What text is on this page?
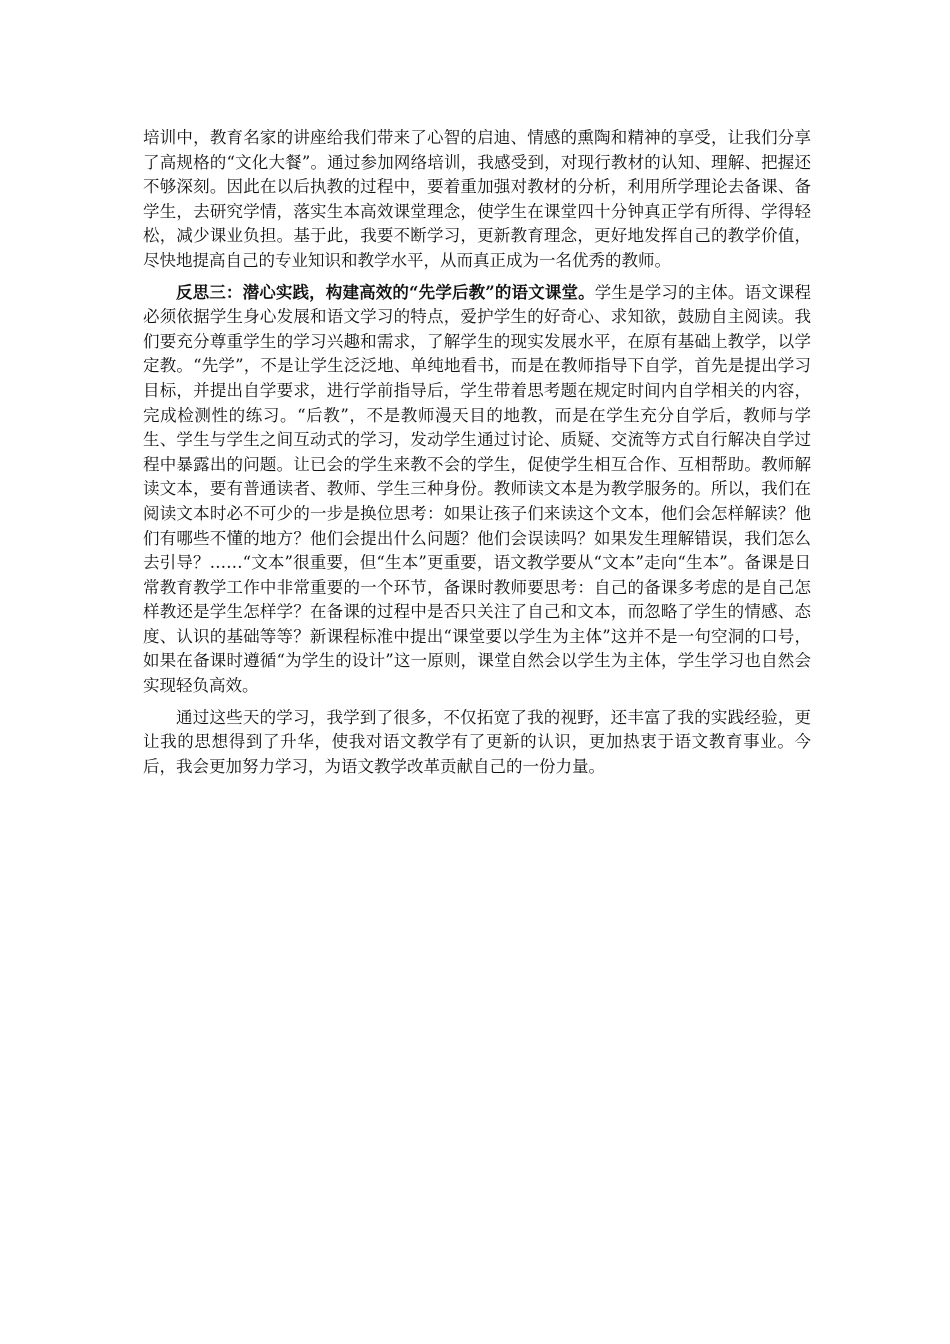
培训中，教育名家的讲座给我们带来了心智的启迪、情感的熏陶和精神的享受，让我们分享了高规格的“文化大餐”。通过参加网络培训，我感受到，对现行教材的认知、理解、把握还不够深刻。因此在以后执教的过程中，要着重加强对教材的分析，利用所学理论去备课、备学生，去研究学情，落实生本高效课堂理念，使学生在课堂四十分钟真正学有所得、学得轻松，减少课业负担。基于此，我要不断学习，更新教育理念，更好地发挥自己的教学价值，尽快地提高自己的专业知识和教学水平，从而真正成为一名优秀的教师。

反思三：潜心实践，构建高效的“先学后教”的语文课堂。学生是学习的主体。语文课程必须依据学生身心发展和语文学习的特点，爱护学生的好奇心、求知欲，鼓励自主阅读。我们要充分尊重学生的学习兴趣和需求，了解学生的现实发展水平，在原有基础上教学，以学定教。“先学”，不是让学生泛泛地、单纯地看书，而是在教师指导下自学，首先是提出学习目标，并提出自学要求，进行学前指导后，学生带着思考题在规定时间内自学相关的内容，完成检测性的练习。“后教”，不是教师漫天目的地教，而是在学生充分自学后，教师与学生、学生与学生之间互动式的学习，发动学生通过讨论、质疑、交流等方式自行解决自学过程中暴露出的问题。让已会的学生来教不会的学生，促使学生相互合作、互相帮助。教师解读文本，要有普通读者、教师、学生三种身份。教师读文本是为教学服务的。所以，我们在阅读文本时必不可少的一步是换位思考：如果让孩子们来读这个文本，他们会怎样解读？他们有哪些不懂的地方？他们会提出什么问题？他们会误读吗？如果发生理解错误，我们怎么去引导？……“文本”很重要，但“生本”更重要，语文教学要从“文本”走向“生本”。备课是日常教育教学工作中非常重要的一个环节，备课时教师要思考：自己的备课多考虑的是自己怎样教还是学生怎样学？在备课的过程中是否只关注了自己和文本，而忽略了学生的情感、态度、认识的基础等等？新课程标准中提出“课堂要以学生为主体”这并不是一句空洞的口号，如果在备课时遵循“为学生的设计”这一原则，课堂自然会以学生为主体，学生学习也自然会实现轻负高效。

通过这些天的学习，我学到了很多，不仅拓宽了我的视野，还丰富了我的实践经验，更让我的思想得到了升华，使我对语文教学有了更新的认识，更加热衷于语文教育事业。今后，我会更加努力学习，为语文教学改革贡献自己的一份力量。
